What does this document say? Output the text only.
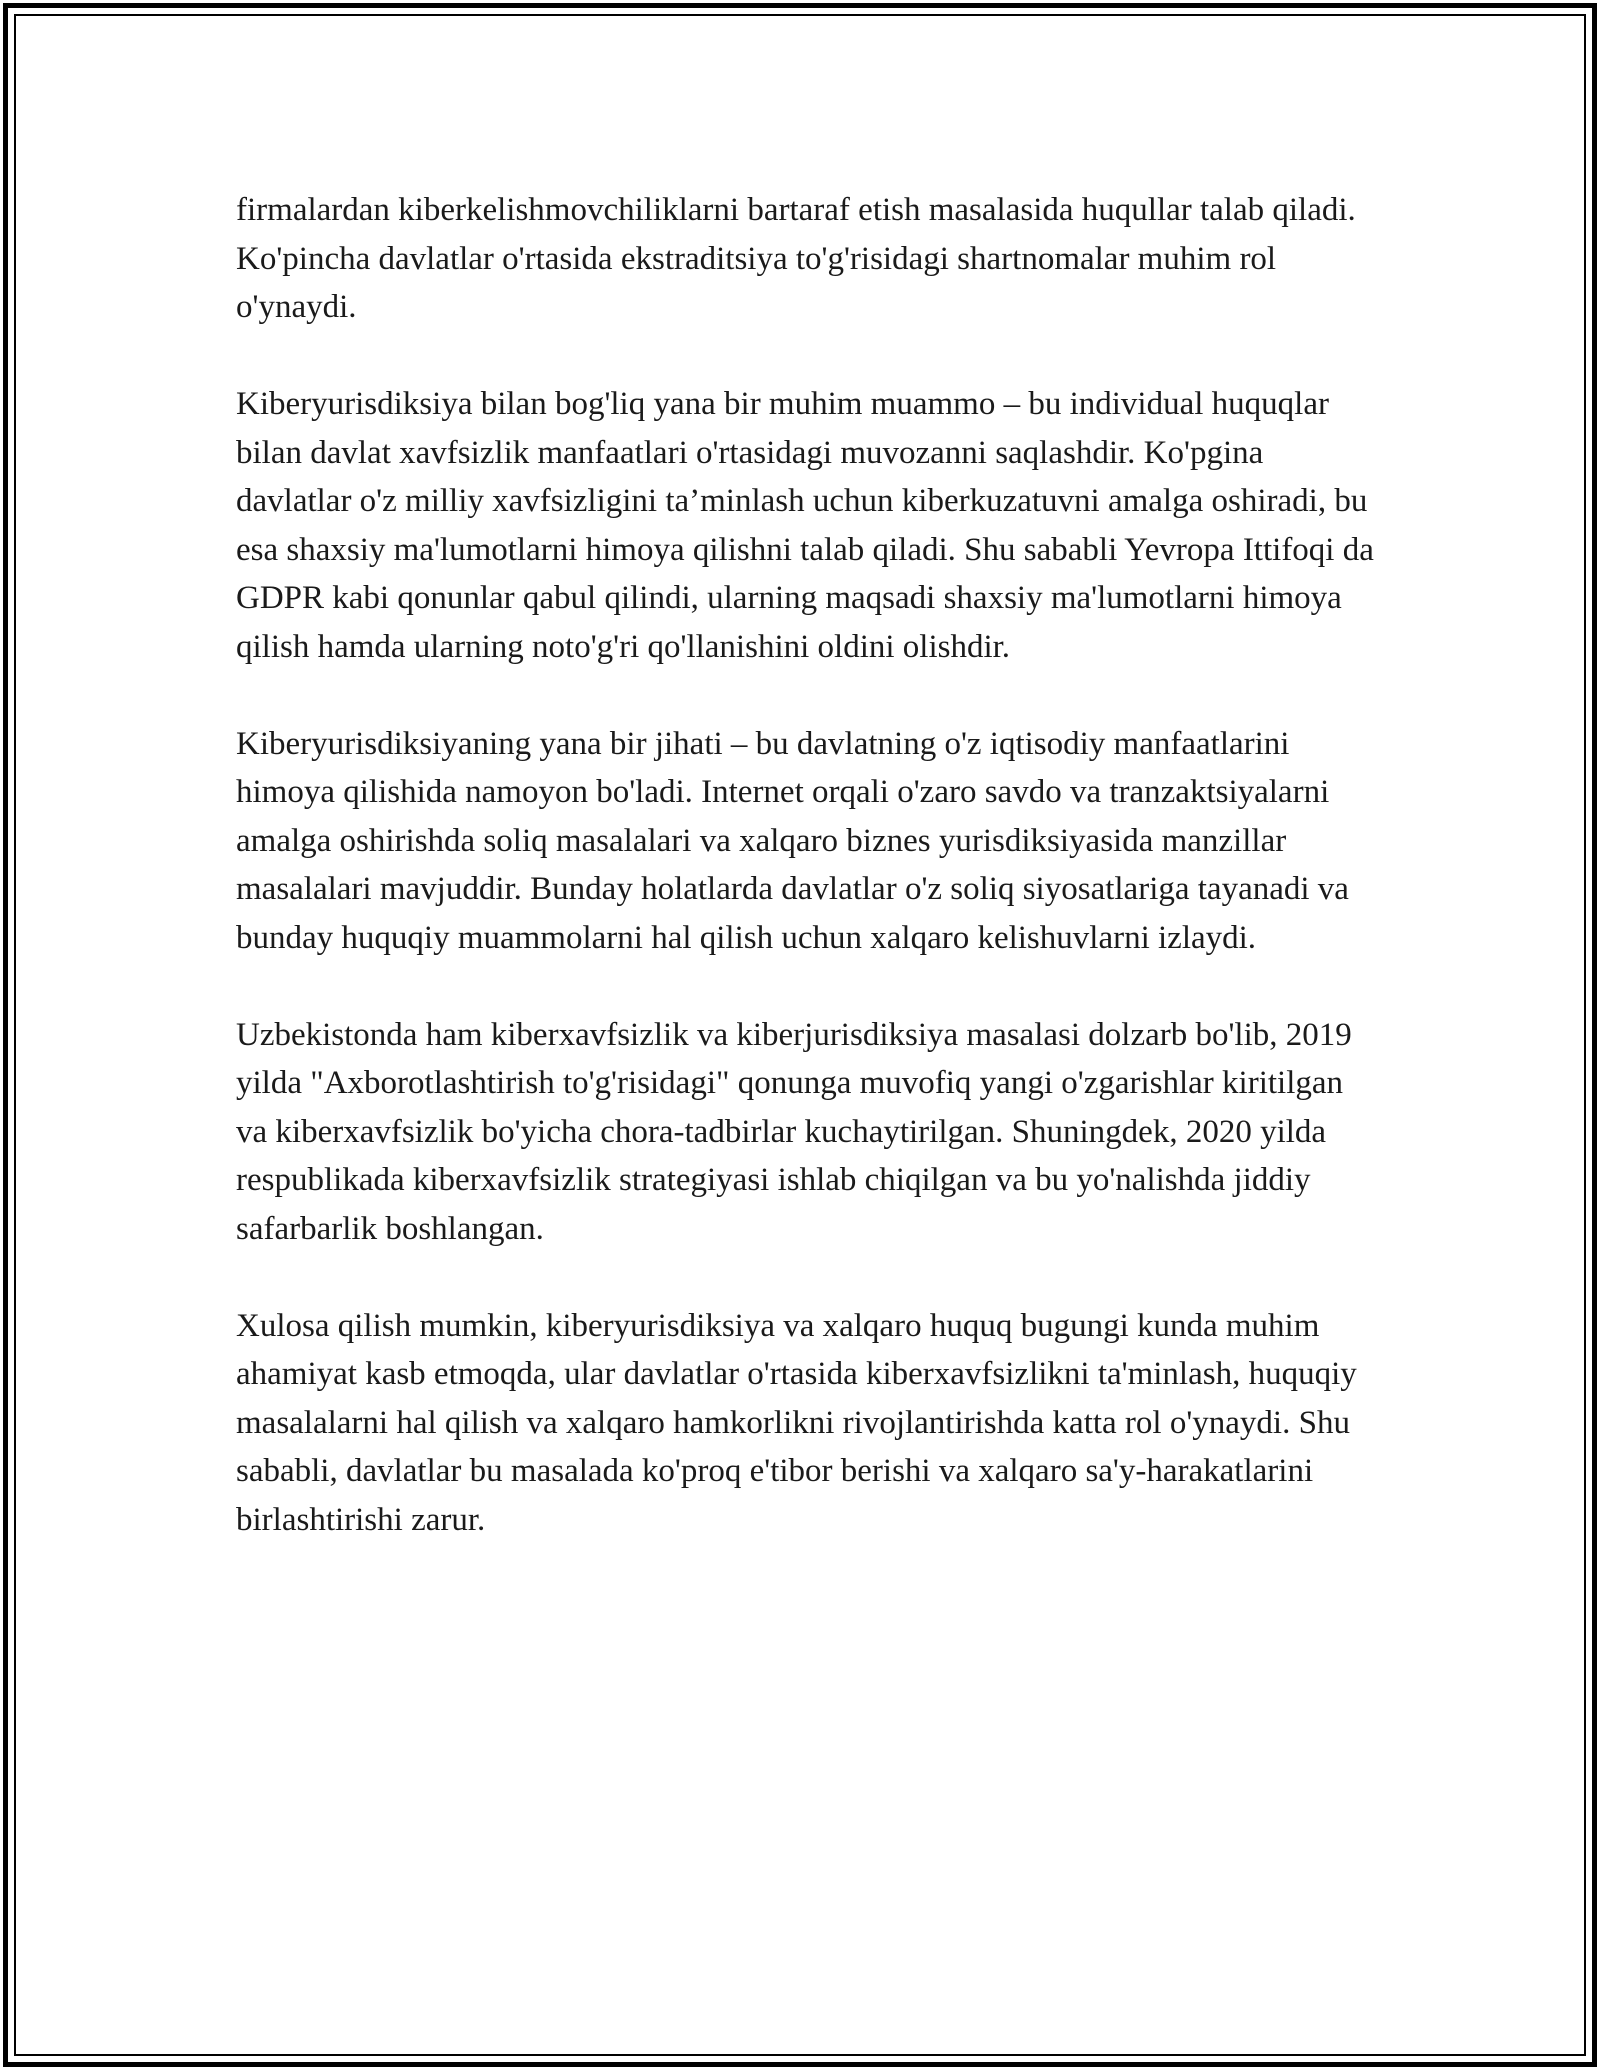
firmalardan kiberkelishmovchiliklarni bartaraf etish masalasida huqullar talab qiladi. Ko'pincha davlatlar o'rtasida ekstraditsiya to'g'risidagi shartnomalar muhim rol o'ynaydi.

Kiberyurisdiksiya bilan bog'liq yana bir muhim muammo – bu individual huquqlar bilan davlat xavfsizlik manfaatlari o'rtasidagi muvozanni saqlashdir. Ko'pgina davlatlar o'z milliy xavfsizligini ta’minlash uchun kiberkuzatuvni amalga oshiradi, bu esa shaxsiy ma'lumotlarni himoya qilishni talab qiladi. Shu sababli Yevropa Ittifoqi da GDPR kabi qonunlar qabul qilindi, ularning maqsadi shaxsiy ma'lumotlarni himoya qilish hamda ularning noto'g'ri qo'llanishini oldini olishdir.

Kiberyurisdiksiyaning yana bir jihati – bu davlatning o'z iqtisodiy manfaatlarini himoya qilishida namoyon bo'ladi. Internet orqali o'zaro savdo va tranzaktsiyalarni amalga oshirishda soliq masalalari va xalqaro biznes yurisdiksiyasida manzillar masalalari mavjuddir. Bunday holatlarda davlatlar o'z soliq siyosatlariga tayanadi va bunday huquqiy muammolarni hal qilish uchun xalqaro kelishuvlarni izlaydi.

Uzbekistonda ham kiberxavfsizlik va kiberjurisdiksiya masalasi dolzarb bo'lib, 2019 yilda "Axborotlashtirish to'g'risidagi" qonunga muvofiq yangi o'zgarishlar kiritilgan va kiberxavfsizlik bo'yicha chora-tadbirlar kuchaytirilgan. Shuningdek, 2020 yilda respublikada kiberxavfsizlik strategiyasi ishlab chiqilgan va bu yo'nalishda jiddiy safarbarlik boshlangan.

Xulosa qilish mumkin, kiberyurisdiksiya va xalqaro huquq bugungi kunda muhim ahamiyat kasb etmoqda, ular davlatlar o'rtasida kiberxavfsizlikni ta'minlash, huquqiy masalalarni hal qilish va xalqaro hamkorlikni rivojlantirishda katta rol o'ynaydi. Shu sababli, davlatlar bu masalada ko'proq e'tibor berishi va xalqaro sa'y-harakatlarini birlashtirishi zarur.
